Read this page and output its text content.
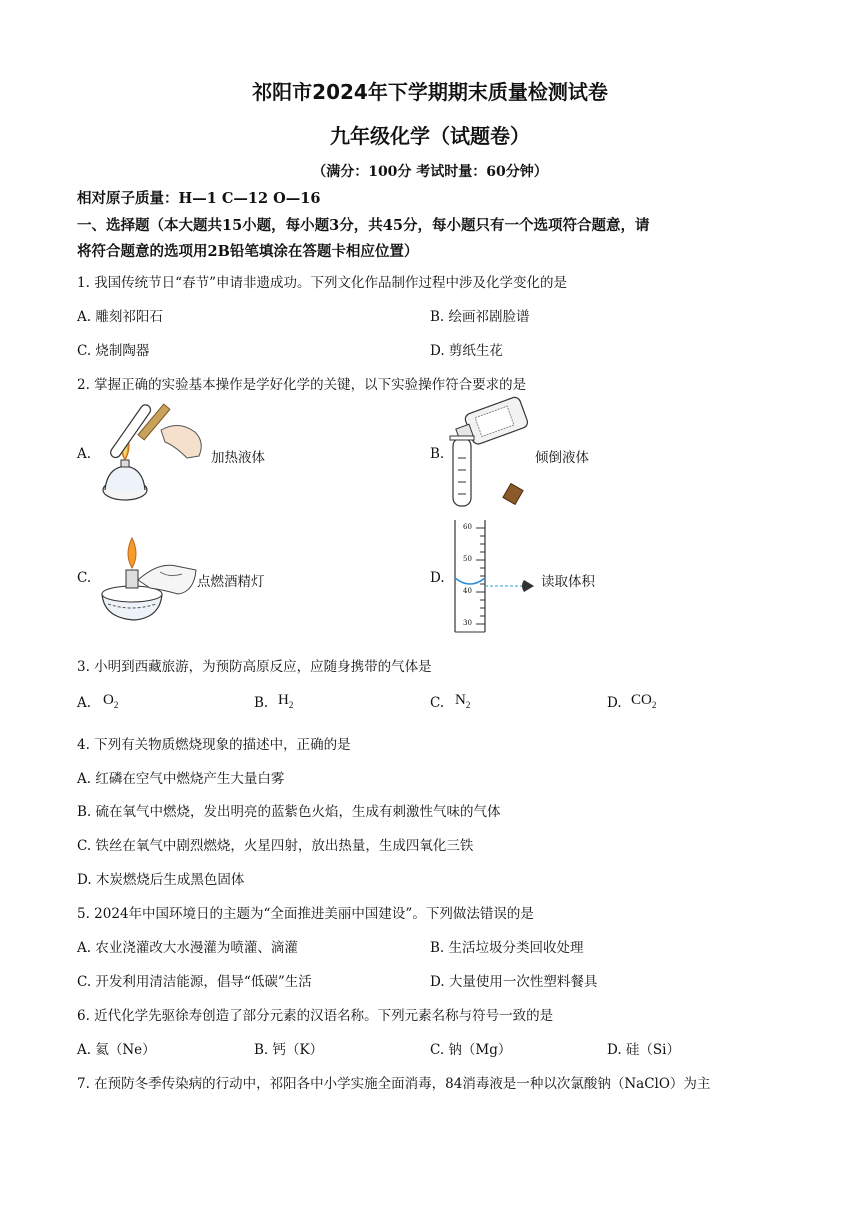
祁阳市2024年下学期期末质量检测试卷
九年级化学（试题卷）
（满分：100分 考试时量：60分钟）
相对原子质量：H—1 C—12 O—16
一、选择题（本大题共15小题，每小题3分，共45分，每小题只有一个选项符合题意，请
将符合题意的选项用2B铅笔填涂在答题卡相应位置）
1. 我国传统节日“春节”申请非遗成功。下列文化作品制作过程中涉及化学变化的是
A. 雕刻祁阳石	B. 绘画祁剧脸谱
C. 烧制陶器	D. 剪纸生花
2. 掌握正确的实验基本操作是学好化学的关键，以下实验操作符合要求的是
A.	加热液体	B.	倾倒液体
C.	点燃酒精灯	D.
60
50
40
30
读取体积
3. 小明到西藏旅游，为预防高原反应，应随身携带的气体是
A. $O_2$	B. $H_2$	C. $N_2$	D. $CO_2$
4. 下列有关物质燃烧现象的描述中，正确的是
A. 红磷在空气中燃烧产生大量白雾
B. 硫在氧气中燃烧，发出明亮的蓝紫色火焰，生成有刺激性气味的气体
C. 铁丝在氧气中剧烈燃烧，火星四射，放出热量，生成四氧化三铁
D. 木炭燃烧后生成黑色固体
5. 2024年中国环境日的主题为“全面推进美丽中国建设”。下列做法错误的是
A. 农业浇灌改大水漫灌为喷灌、滴灌	B. 生活垃圾分类回收处理
C. 开发利用清洁能源，倡导“低碳”生活	D. 大量使用一次性塑料餐具
6. 近代化学先驱徐寿创造了部分元素的汉语名称。下列元素名称与符号一致的是
A. 氦（Ne）	B. 钙（K）	C. 钠（Mg）	D. 硅（Si）
7. 在预防冬季传染病的行动中，祁阳各中小学实施全面消毒，84消毒液是一种以次氯酸钠（NaClO）为主
